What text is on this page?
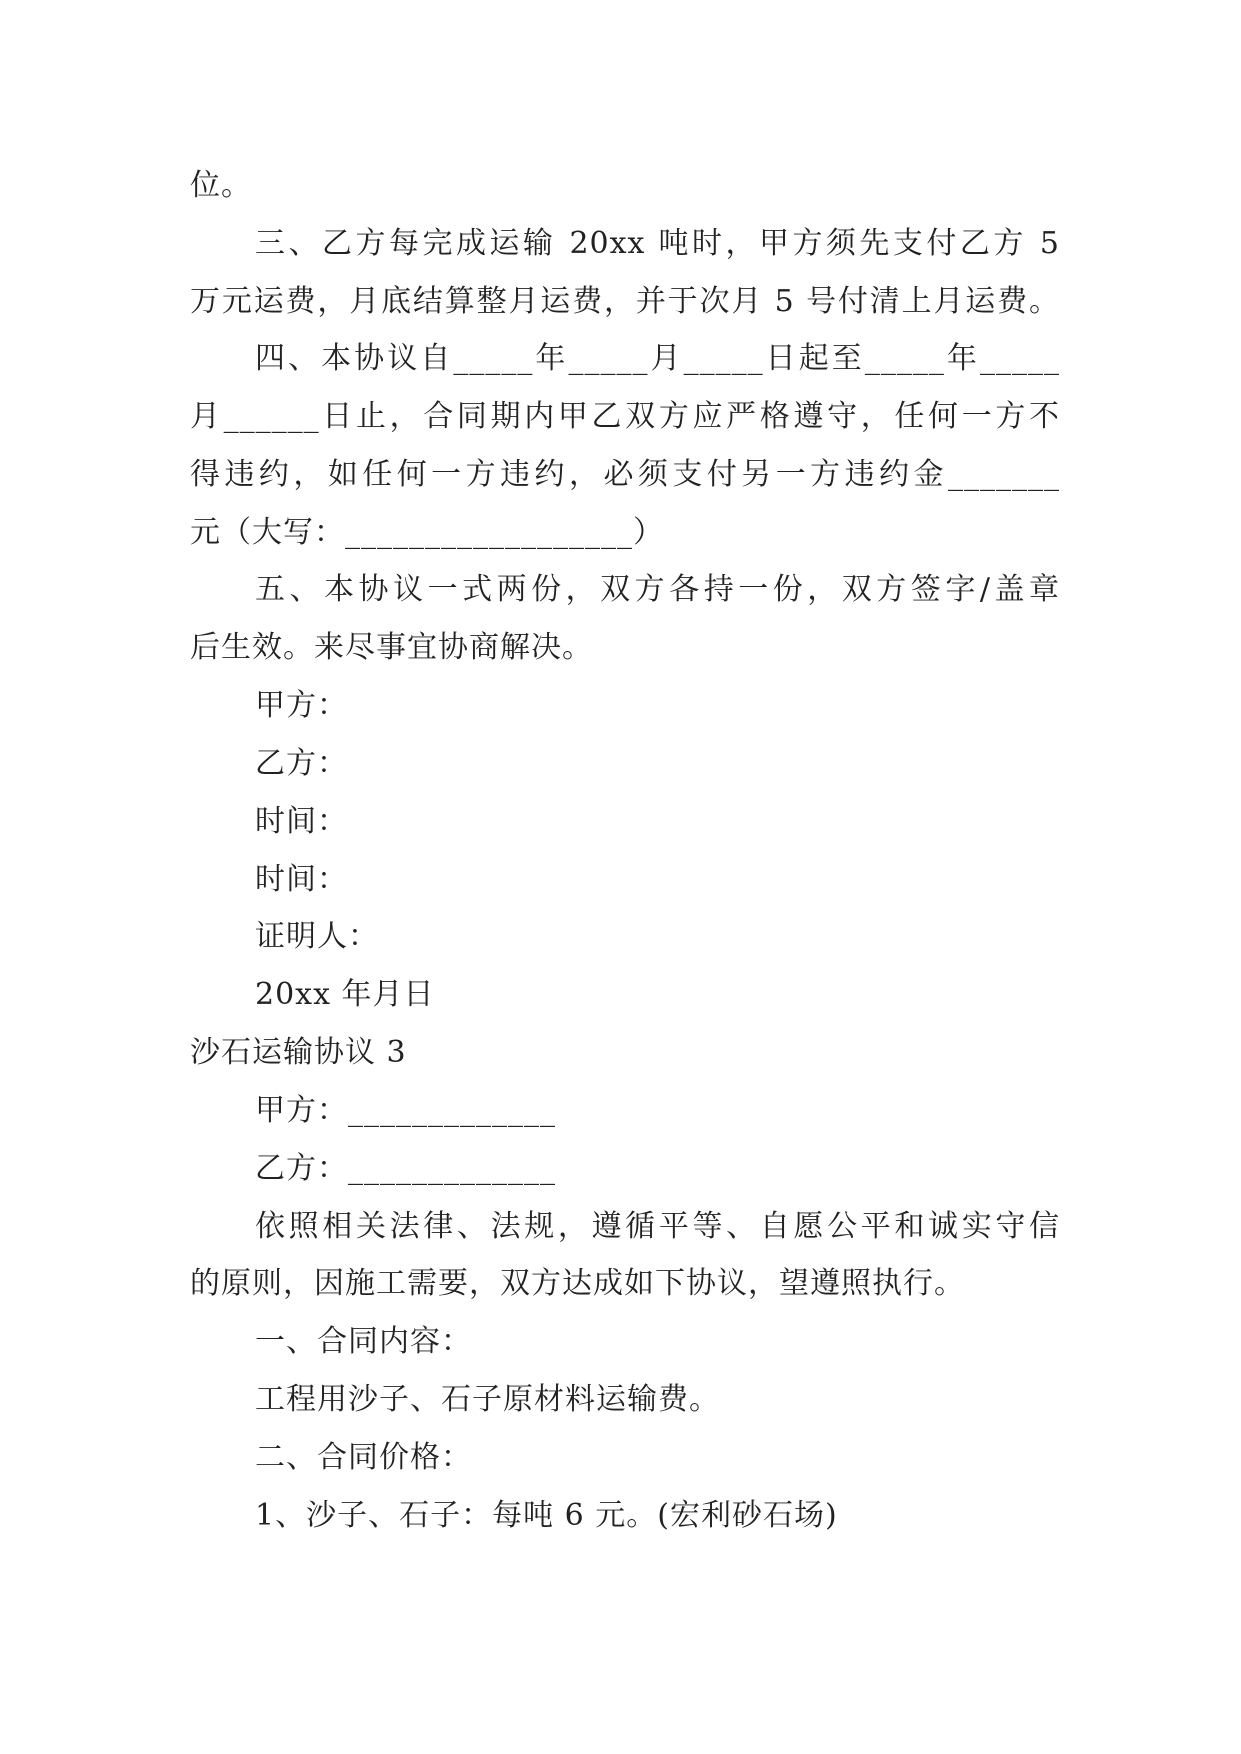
位。
三、乙方每完成运输 20xx 吨时，甲方须先支付乙方 5
万元运费，月底结算整月运费，并于次月 5 号付清上月运费。
四、本协议自_____年_____月_____日起至_____年_____
月______日止，合同期内甲乙双方应严格遵守，任何一方不
得违约，如任何一方违约，必须支付另一方违约金_______
元（大写：__________________）
五、本协议一式两份，双方各持一份，双方签字/盖章
后生效。来尽事宜协商解决。
甲方：
乙方：
时间：
时间：
证明人：
20xx 年月日
沙石运输协议 3
甲方：_____________
乙方：_____________
依照相关法律、法规，遵循平等、自愿公平和诚实守信
的原则，因施工需要，双方达成如下协议，望遵照执行。
一、合同内容：
工程用沙子、石子原材料运输费。
二、合同价格：
1、沙子、石子：每吨 6 元。(宏利砂石场)
